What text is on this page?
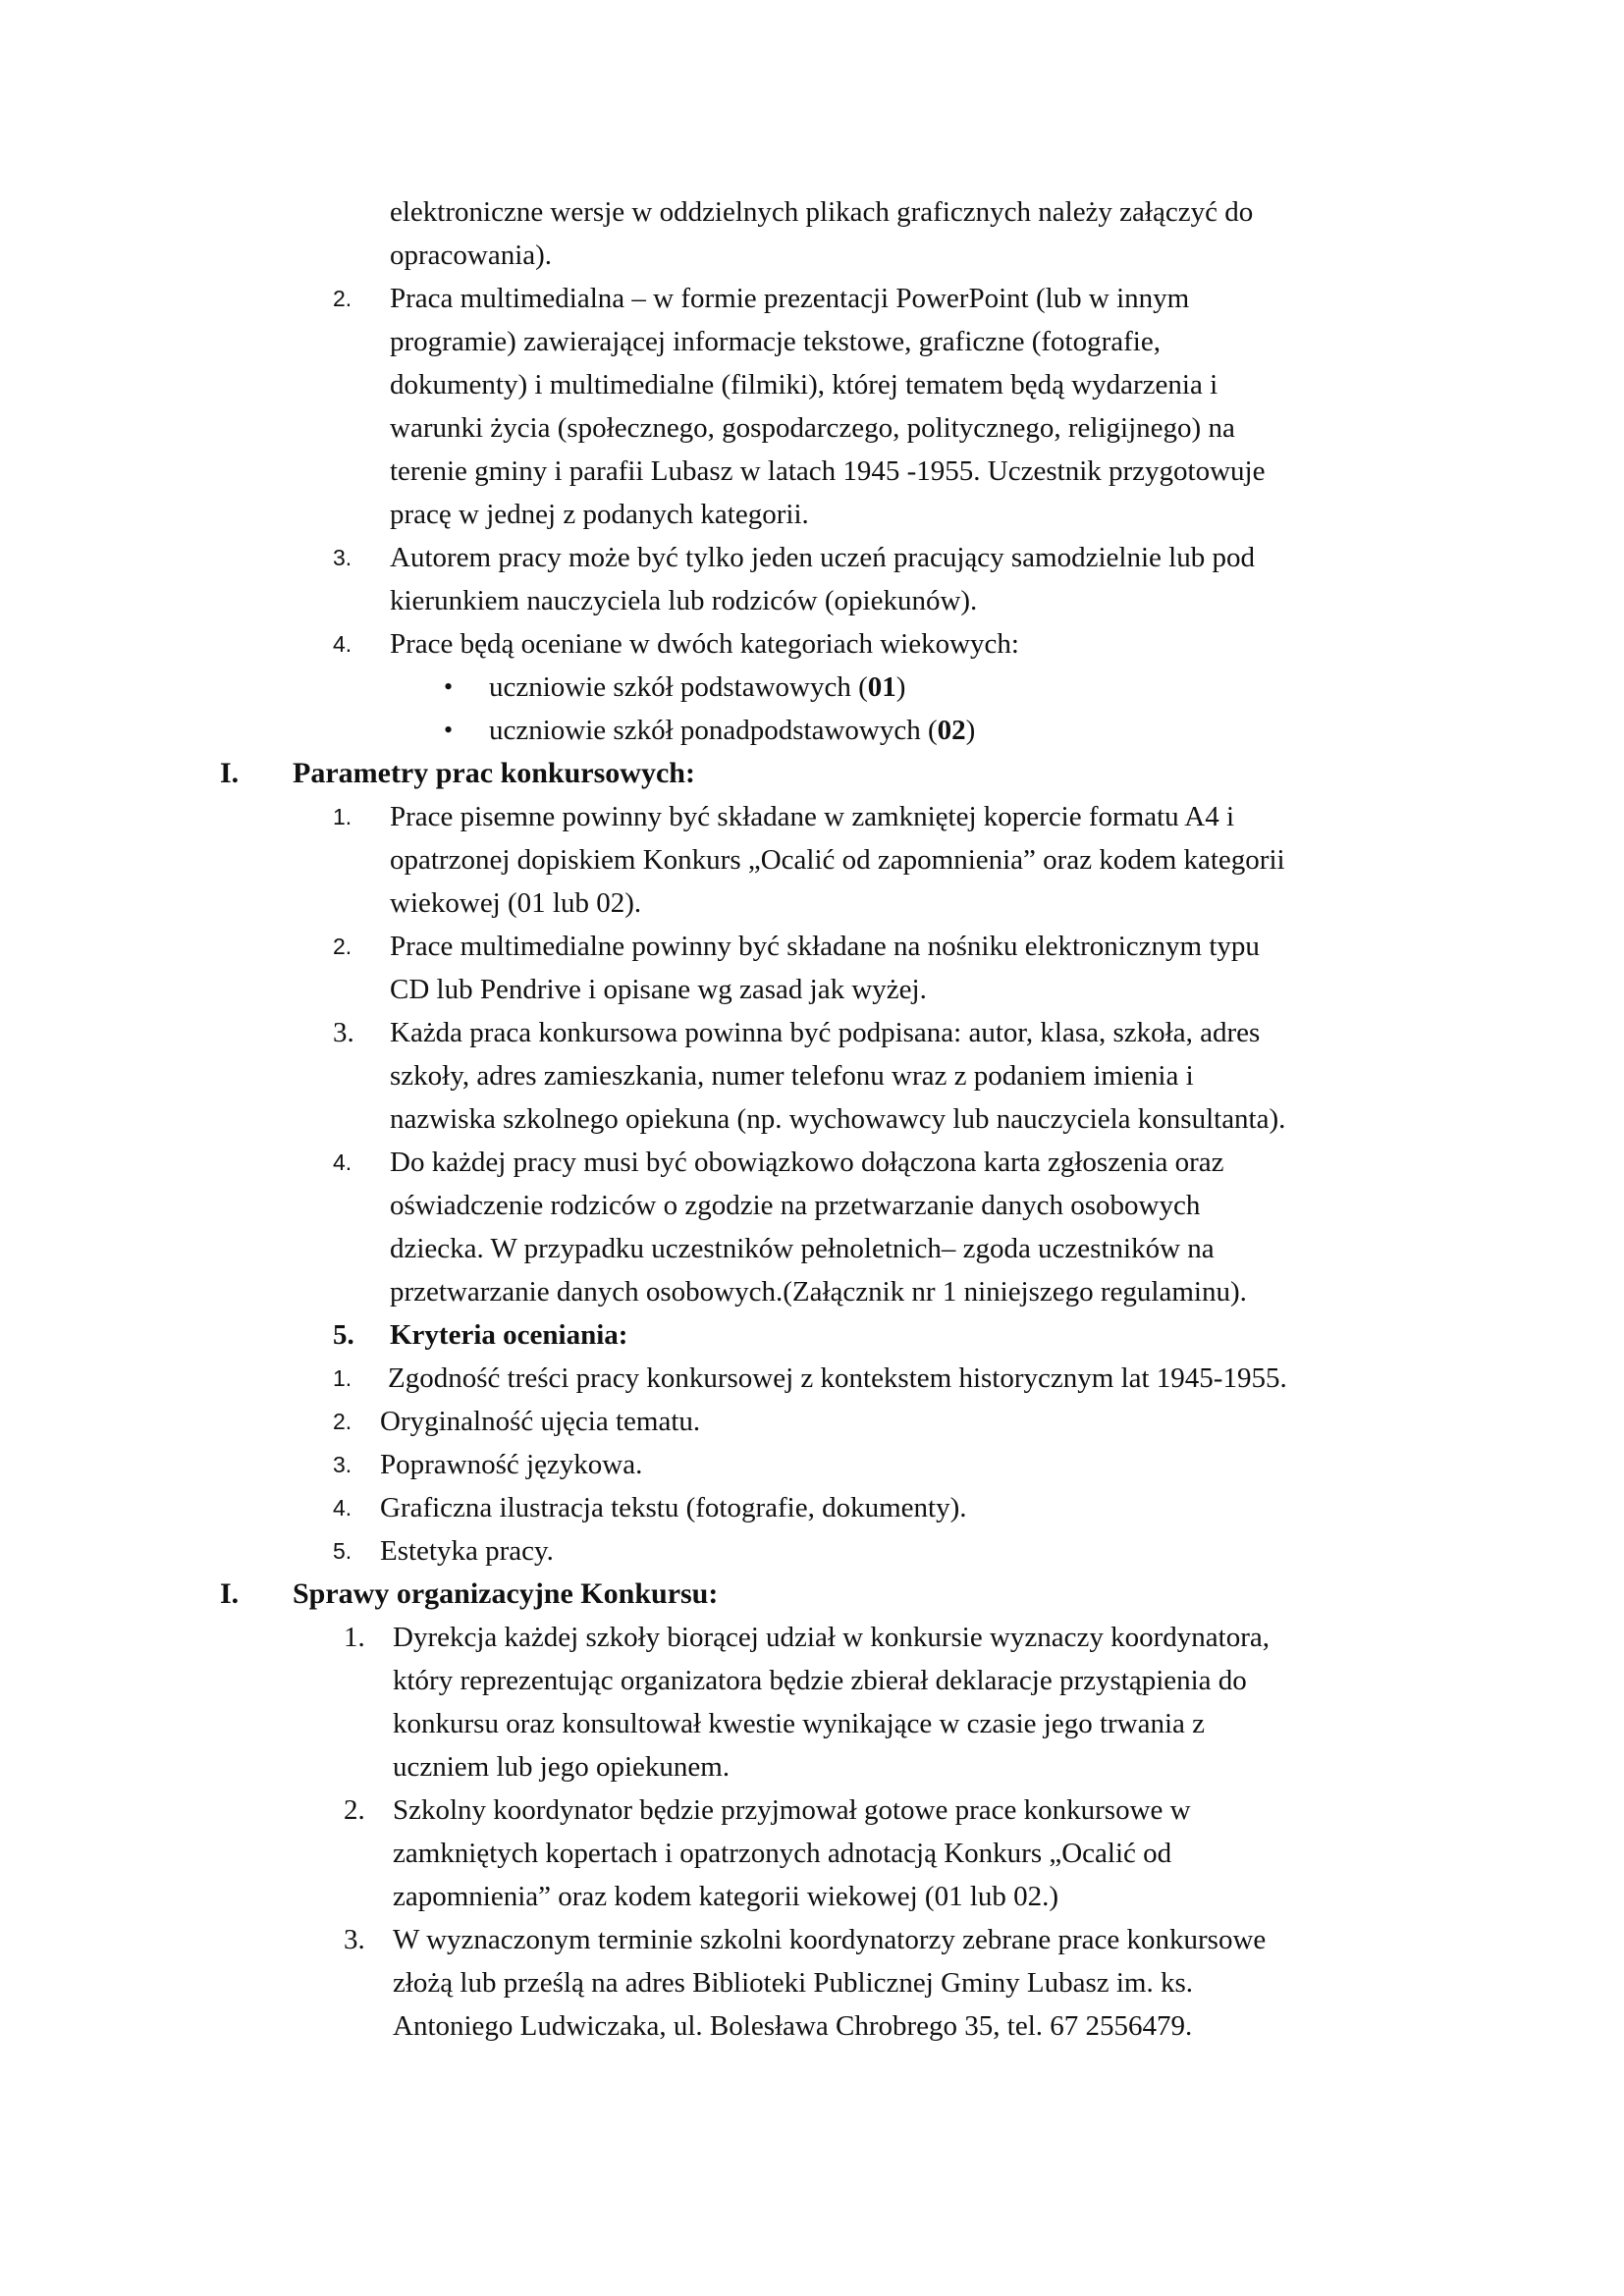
elektroniczne wersje w oddzielnych plikach graficznych należy załączyć do
opracowania).
2. Praca multimedialna – w formie prezentacji PowerPoint (lub w innym
programie) zawierającej informacje tekstowe, graficzne (fotografie,
dokumenty) i multimedialne (filmiki), której tematem będą wydarzenia i
warunki życia (społecznego, gospodarczego, politycznego, religijnego) na
terenie gminy i parafii Lubasz w latach 1945 -1955. Uczestnik przygotowuje
pracę w jednej z podanych kategorii.
3. Autorem pracy może być tylko jeden uczeń pracujący samodzielnie lub pod
kierunkiem nauczyciela lub rodziców (opiekunów).
4. Prace będą oceniane w dwóch kategoriach wiekowych:
• uczniowie szkół podstawowych (01)
• uczniowie szkół ponadpodstawowych (02)
I. Parametry prac konkursowych:
1. Prace pisemne powinny być składane w zamkniętej kopercie formatu A4 i
opatrzonej dopiskiem Konkurs „Ocalić od zapomnienia” oraz kodem kategorii
wiekowej (01 lub 02).
2. Prace multimedialne powinny być składane na nośniku elektronicznym typu
CD lub Pendrive i opisane wg zasad jak wyżej.
3. Każda praca konkursowa powinna być podpisana: autor, klasa, szkoła, adres
szkoły, adres zamieszkania, numer telefonu wraz z podaniem imienia i
nazwiska szkolnego opiekuna (np. wychowawcy lub nauczyciela konsultanta).
4. Do każdej pracy musi być obowiązkowo dołączona karta zgłoszenia oraz
oświadczenie rodziców o zgodzie na przetwarzanie danych osobowych
dziecka. W przypadku uczestników pełnoletnich– zgoda uczestników na
przetwarzanie danych osobowych.(Załącznik nr 1 niniejszego regulaminu).
5. Kryteria oceniania:
1. Zgodność treści pracy konkursowej z kontekstem historycznym lat 1945-1955.
2. Oryginalność ujęcia tematu.
3. Poprawność językowa.
4. Graficzna ilustracja tekstu (fotografie, dokumenty).
5. Estetyka pracy.
I. Sprawy organizacyjne Konkursu:
1. Dyrekcja każdej szkoły biorącej udział w konkursie wyznaczy koordynatora,
który reprezentując organizatora będzie zbierał deklaracje przystąpienia do
konkursu oraz konsultował kwestie wynikające w czasie jego trwania z
uczniem lub jego opiekunem.
2. Szkolny koordynator będzie przyjmował gotowe prace konkursowe w
zamkniętych kopertach i opatrzonych adnotacją Konkurs „Ocalić od
zapomnienia” oraz kodem kategorii wiekowej (01 lub 02.)
3. W wyznaczonym terminie szkolni koordynatorzy zebrane prace konkursowe
złożą lub prześlą na adres Biblioteki Publicznej Gminy Lubasz im. ks.
Antoniego Ludwiczaka, ul. Bolesława Chrobrego 35, tel. 67 2556479.
